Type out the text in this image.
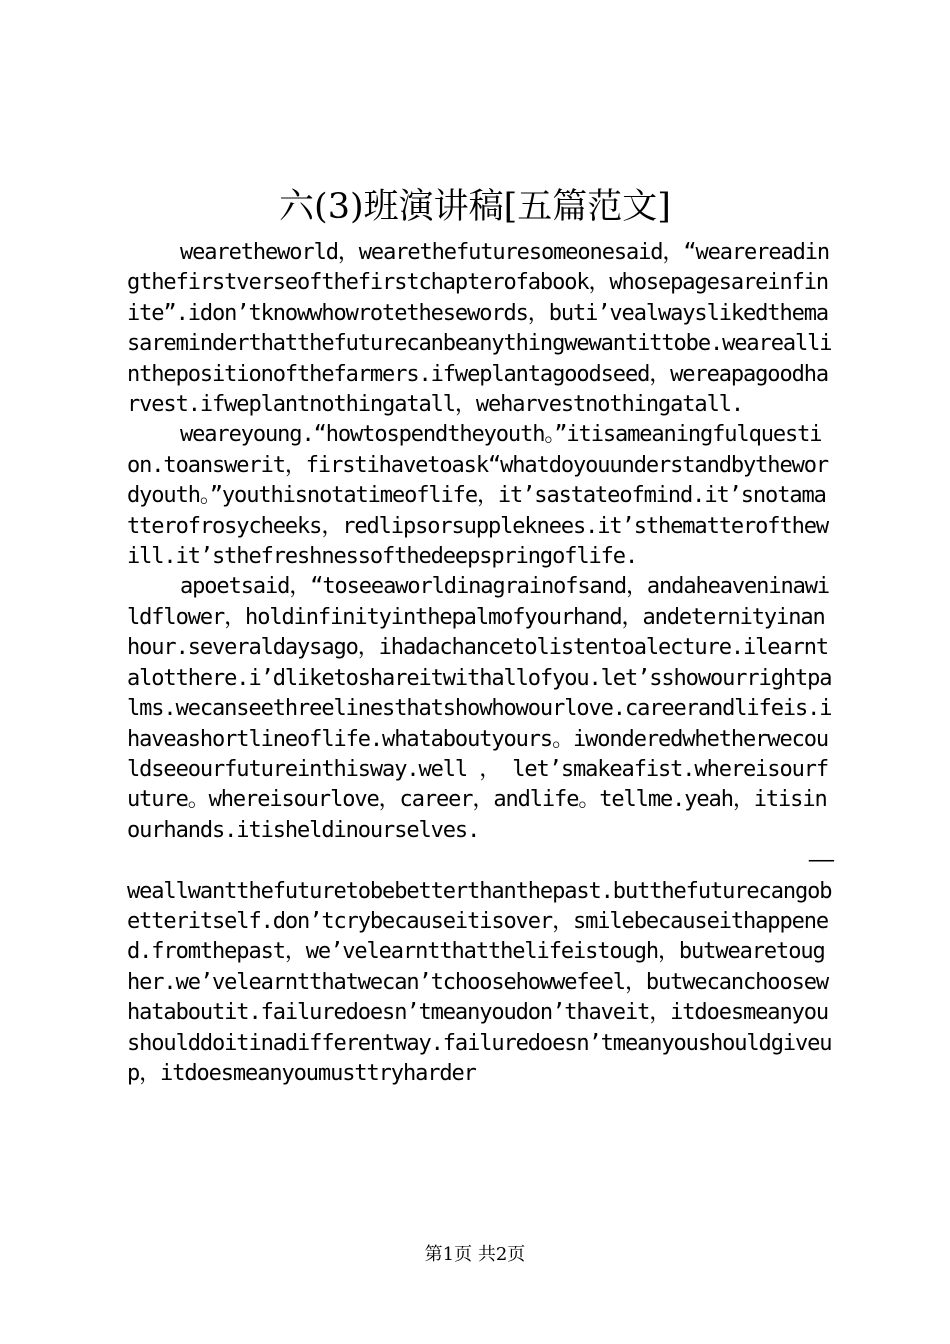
六(3)班演讲稿[五篇范文]

wearetheworld，wearethefuturesomeonesaid，“wearereadingthefirstverseofthefirstchapterofabook，whosepagesareinfinite”.idon’tknowwhowrotethesewords，buti’vealwayslikedthemasareminderthatthefuturecanbeanythingwewantittobe.weareallinthepositionofthefarmers.ifweplantagoodseed，wereapagoodharvest.ifweplantnothingatall，weharvestnothingatall.

weareyoung.“howtospendtheyouth。”itisameaningfulquestion.toanswerit，firstihavetoask“whatdoyouunderstandbythewordyouth。”youthisnotatimeoflife，it’sastateofmind.it’snotamatterofrosycheeks，redlipsorsuppleknees.it’sthematterofthewill.it’sthefreshnessofthedeepspringoflife.

apoetsaid，“toseeaworldinagrainofsand，andaheaveninawildflower，holdinfinityinthepalmofyourhand，andeternityinanhour.severaldaysago，ihadachancetolistentoalecture.ilearntalotthere.i’dliketoshareitwithallofyou.let’sshowourrightpalms.wecanseethreelinesthatshowhowourlove.careerandlifeis.ihaveashortlineoflife.whataboutyours。iwonderedwhetherwecouldseeourfutureinthisway.well ， let’smakeafist.whereisourfuture。whereisourlove，career，andlife。tellme.yeah，itisinourhands.itisheldinourselves.

——

weallwantthefuturetobebetterthanthepast.butthefuturecangobetteritself.don’tcrybecauseitisover，smilebecauseithappened.fromthepast，we’velearntthatthelifeistough，butwearetougher.we’velearntthatwecan’tchoosehowwefeel，butwecanchoosewhataboutit.failuredoesn’tmeanyoudon’thaveit，itdoesmeanyoushoulddoitinadifferentway.failuredoesn’tmeanyoushouldgiveup，itdoesmeanyoumusttryharder

第1页 共2页
